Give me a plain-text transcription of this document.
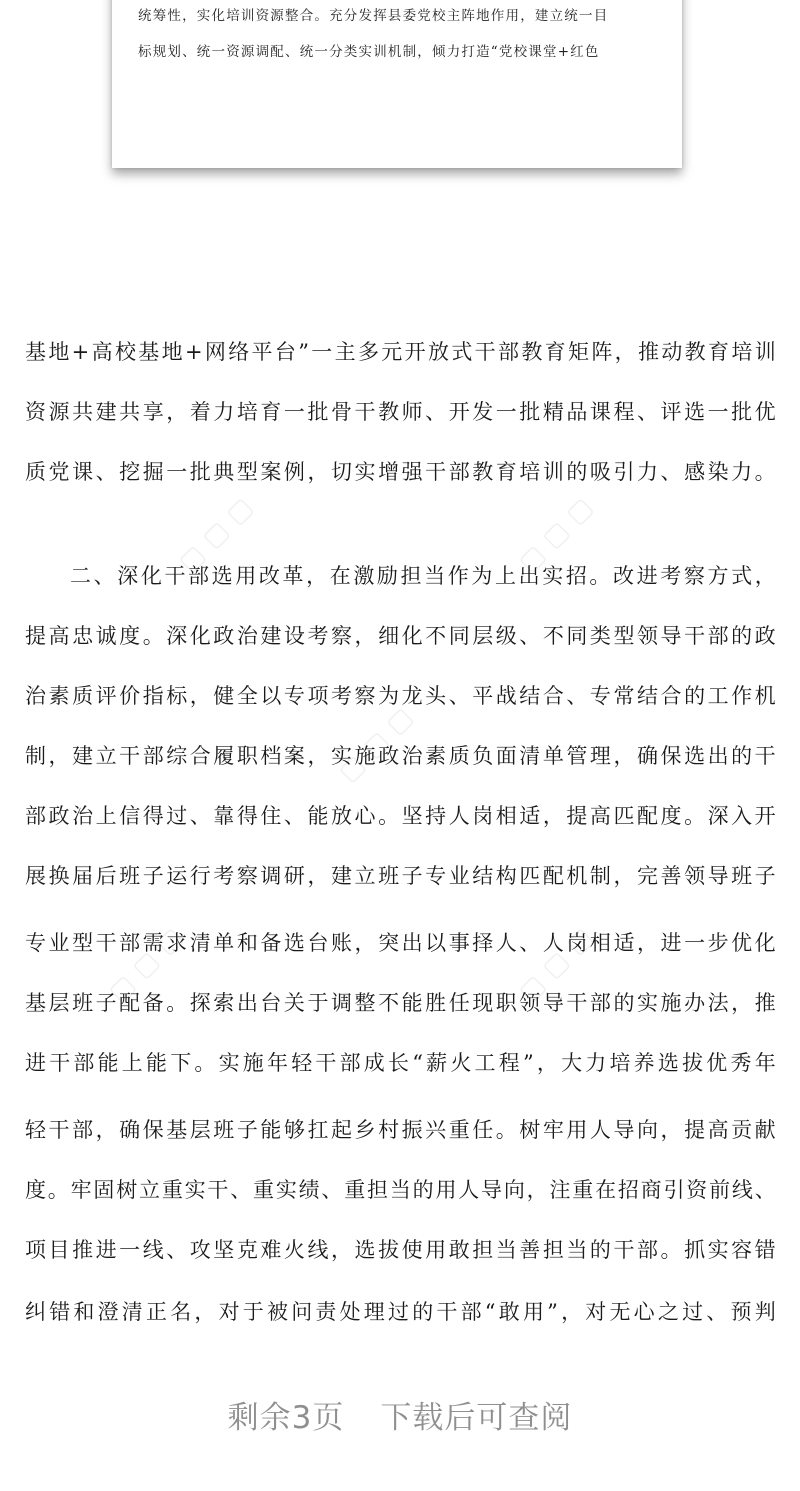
统筹性，实化培训资源整合。充分发挥县委党校主阵地作用，建立统一目
标规划、统一资源调配、统一分类实训机制，倾力打造“党校课堂+红色
▢ ▢ ▢	▢ ▢ ▢
▢ ▢ ▢
▢ ▢ ▢	▢ ▢ ▢
基地+高校基地+网络平台”一主多元开放式干部教育矩阵，推动教育培训
资源共建共享，着力培育一批骨干教师、开发一批精品课程、评选一批优
质党课、挖掘一批典型案例，切实增强干部教育培训的吸引力、感染力。
二、深化干部选用改革，在激励担当作为上出实招。改进考察方式，
提高忠诚度。深化政治建设考察，细化不同层级、不同类型领导干部的政
治素质评价指标，健全以专项考察为龙头、平战结合、专常结合的工作机
制，建立干部综合履职档案，实施政治素质负面清单管理，确保选出的干
部政治上信得过、靠得住、能放心。坚持人岗相适，提高匹配度。深入开
展换届后班子运行考察调研，建立班子专业结构匹配机制，完善领导班子
专业型干部需求清单和备选台账，突出以事择人、人岗相适，进一步优化
基层班子配备。探索出台关于调整不能胜任现职领导干部的实施办法，推
进干部能上能下。实施年轻干部成长“薪火工程”，大力培养选拔优秀年
轻干部，确保基层班子能够扛起乡村振兴重任。树牢用人导向，提高贡献
度。牢固树立重实干、重实绩、重担当的用人导向，注重在招商引资前线、
项目推进一线、攻坚克难火线，选拔使用敢担当善担当的干部。抓实容错
纠错和澄清正名，对于被问责处理过的干部“敢用”，对无心之过、预判
剩余3页 下载后可查阅
